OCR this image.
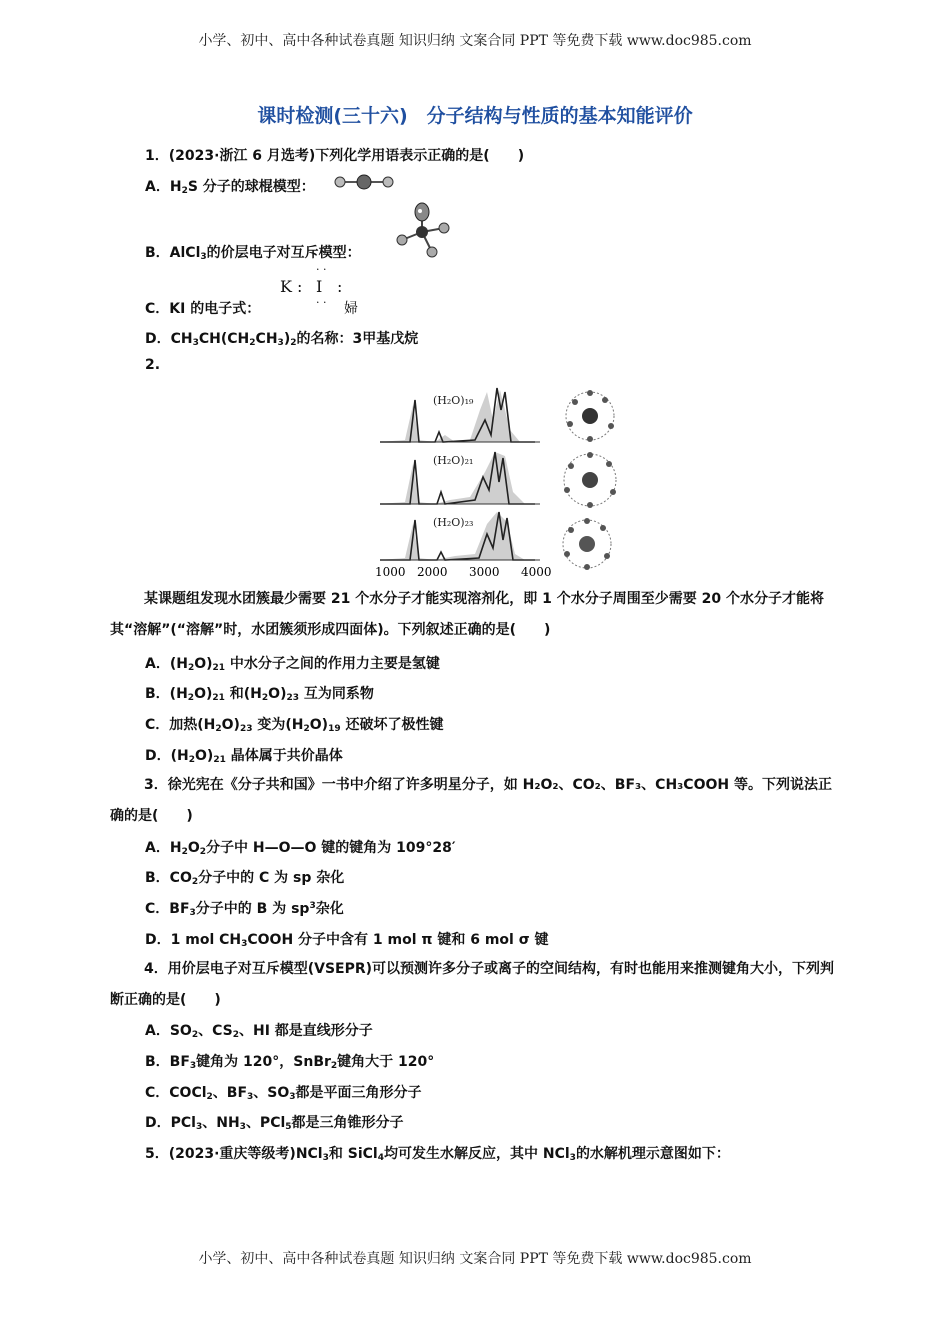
小学、初中、高中各种试卷真题 知识归纳 文案合同 PPT 等免费下载 www.doc985.com
课时检测(三十六)　分子结构与性质的基本知能评价
1．(2023·浙江 6 月选考)下列化学用语表示正确的是(　　)
A．$H_2S$ 分子的球棍模型：
B．AlCl$_3$的价层电子对互斥模型：
C．KI 的电子式：
K : I :
· ·
· · 婦
D．$CH_3CH(CH_2CH_3)_2$的名称：3甲基戊烷
2.
(H₂O)₁₉
(H₂O)₂₁
(H₂O)₂₃
1000 2000 3000 4000
某课题组发现水团簇最少需要 21 个水分子才能实现溶剂化，即 1 个水分子周围至少需要 20 个水分子才能将其“溶解”(“溶解”时，水团簇须形成四面体)。下列叙述正确的是(　　)
A．$(H_2O)_{21}$ 中水分子之间的作用力主要是氢键
B．$(H_2O)_{21}$ 和$(H_2O)_{23}$ 互为同系物
C．加热$(H_2O)_{23}$ 变为$(H_2O)_{19}$ 还破坏了极性键
D．$(H_2O)_{21}$ 晶体属于共价晶体
3．徐光宪在《分子共和国》一书中介绍了许多明星分子，如 H₂O₂、CO₂、BF₃、CH₃COOH 等。下列说法正确的是(　　)
A．$H_2O_2$分子中 H—O—O 键的键角为 109°28′
B．$CO_2$分子中的 C 为 sp 杂化
C．$BF_3$分子中的 B 为 $sp^3$杂化
D．1 mol $CH_3COOH$ 分子中含有 1 mol π 键和 6 mol σ 键
4．用价层电子对互斥模型(VSEPR)可以预测许多分子或离子的空间结构，有时也能用来推测键角大小，下列判断正确的是(　　)
A．$SO_2$、$CS_2$、HI 都是直线形分子
B．$BF_3$键角为 120°，SnBr$_2$键角大于 120°
C．COCl$_2$、$BF_3$、$SO_3$都是平面三角形分子
D．PCl$_3$、$NH_3$、PCl$_5$都是三角锥形分子
5．(2023·重庆等级考)NCl$_3$和 SiCl$_4$均可发生水解反应，其中 NCl$_3$的水解机理示意图如下：
小学、初中、高中各种试卷真题 知识归纳 文案合同 PPT 等免费下载 www.doc985.com
